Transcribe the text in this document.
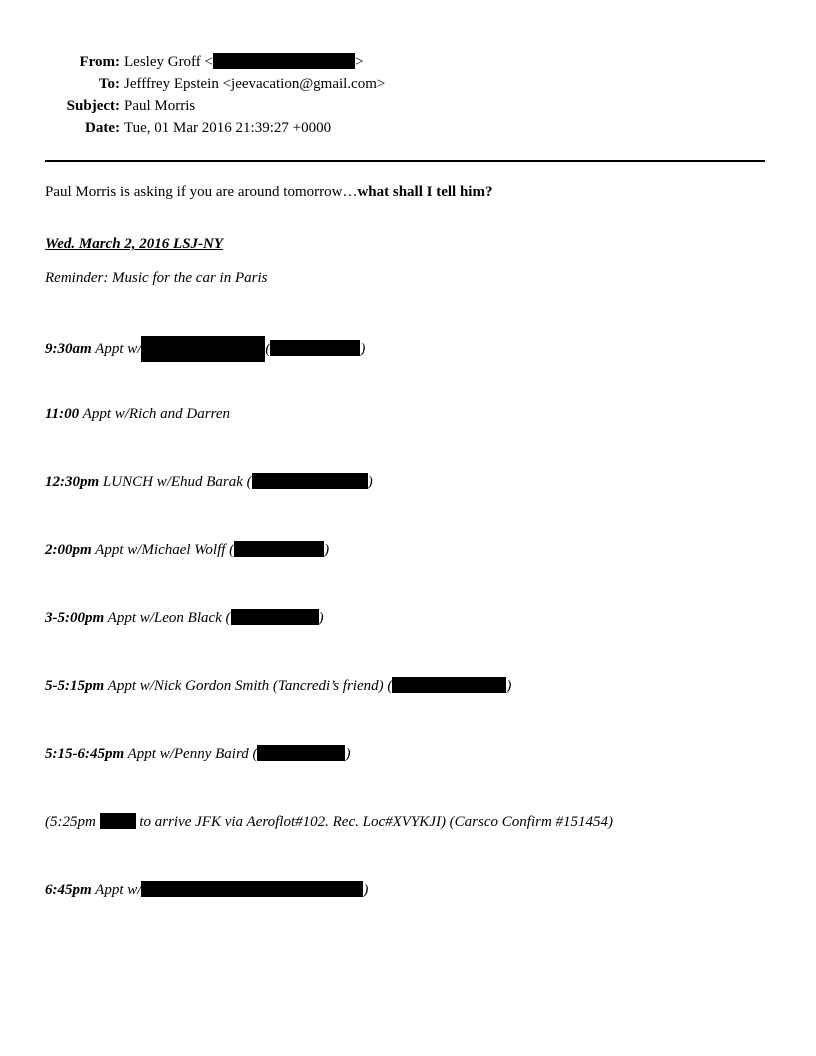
From: Lesley Groff <	>
To: Jefffrey Epstein <jeevacation@gmail.com>
Subject: Paul Morris
Date: Tue, 01 Mar 2016 21:39:27 +0000
Paul Morris is asking if you are around tomorrow…what shall I tell him?
Wed. March 2, 2016 LSJ-NY
Reminder: Music for the car in Paris
9:30am Appt w/	(	)
11:00 Appt w/Rich and Darren
12:30pm LUNCH w/Ehud Barak (	)
2:00pm Appt w/Michael Wolff (	)
3-5:00pm Appt w/Leon Black (	)
5-5:15pm Appt w/Nick Gordon Smith (Tancredi’s friend) (	)
5:15-6:45pm Appt w/Penny Baird (	)
(5:25pm	to arrive JFK via Aeroflot#102. Rec. Loc#XVYKJI) (Carsco Confirm #151454)
6:45pm Appt w/	)
